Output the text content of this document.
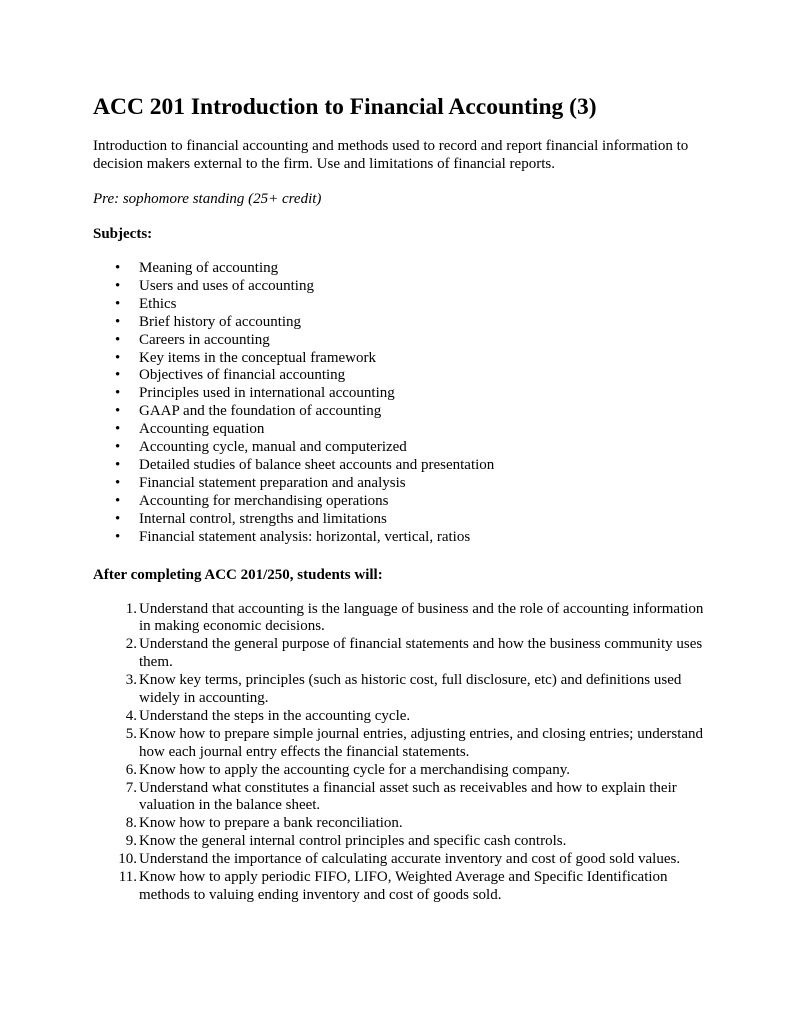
ACC 201 Introduction to Financial Accounting (3)

Introduction to financial accounting and methods used to record and report financial information to decision makers external to the firm. Use and limitations of financial reports.

Pre: sophomore standing (25+ credit)

Subjects:

• Meaning of accounting
• Users and uses of accounting
• Ethics
• Brief history of accounting
• Careers in accounting
• Key items in the conceptual framework
• Objectives of financial accounting
• Principles used in international accounting
• GAAP and the foundation of accounting
• Accounting equation
• Accounting cycle, manual and computerized
• Detailed studies of balance sheet accounts and presentation
• Financial statement preparation and analysis
• Accounting for merchandising operations
• Internal control, strengths and limitations
• Financial statement analysis: horizontal, vertical, ratios

After completing ACC 201/250, students will:

1. Understand that accounting is the language of business and the role of accounting information in making economic decisions.
2. Understand the general purpose of financial statements and how the business community uses them.
3. Know key terms, principles (such as historic cost, full disclosure, etc) and definitions used widely in accounting.
4. Understand the steps in the accounting cycle.
5. Know how to prepare simple journal entries, adjusting entries, and closing entries; understand how each journal entry effects the financial statements.
6. Know how to apply the accounting cycle for a merchandising company.
7. Understand what constitutes a financial asset such as receivables and how to explain their valuation in the balance sheet.
8. Know how to prepare a bank reconciliation.
9. Know the general internal control principles and specific cash controls.
10. Understand the importance of calculating accurate inventory and cost of good sold values.
11. Know how to apply periodic FIFO, LIFO, Weighted Average and Specific Identification methods to valuing ending inventory and cost of goods sold.
